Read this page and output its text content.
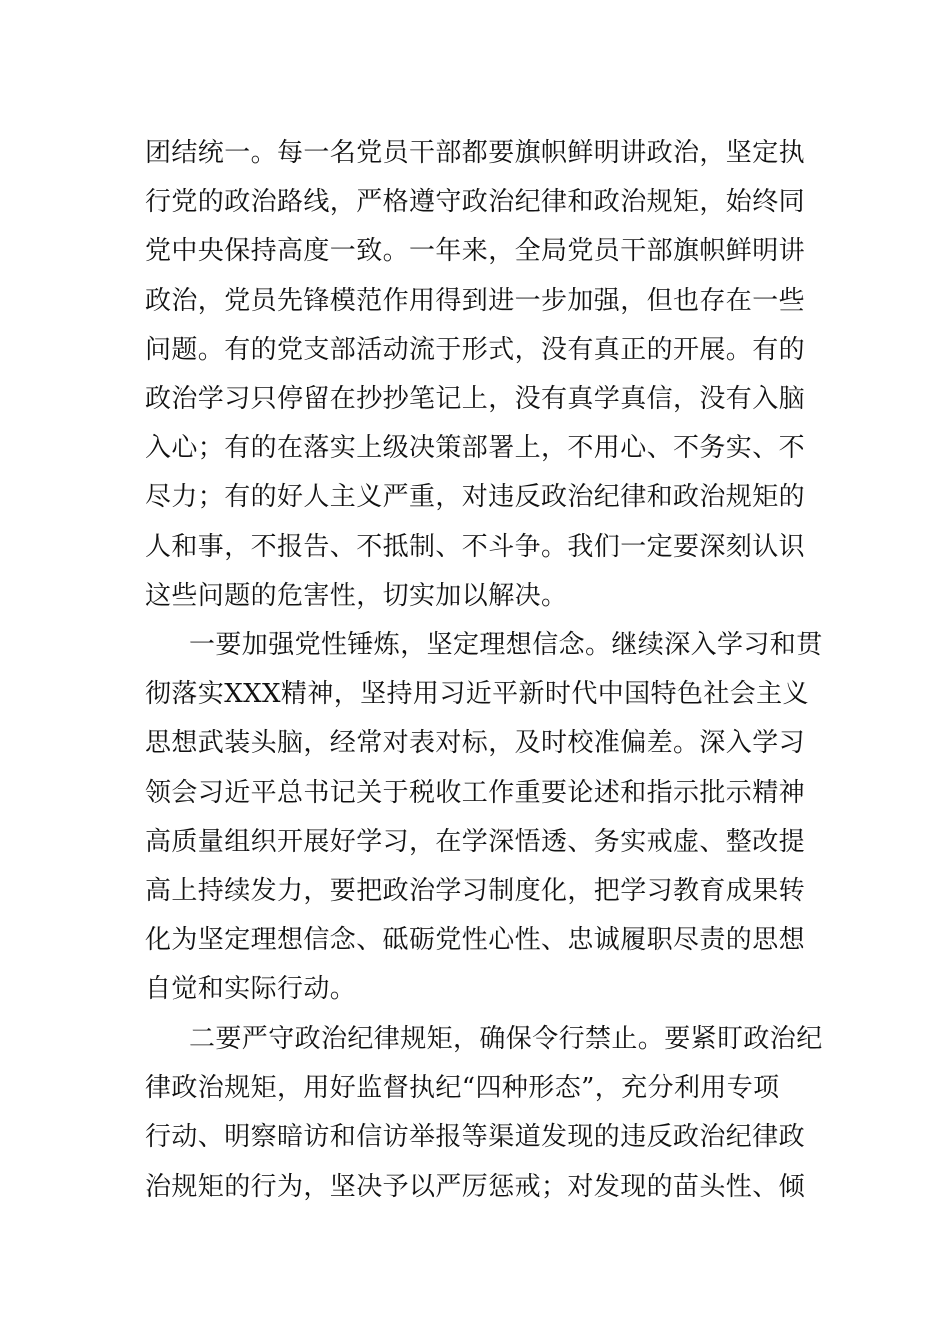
团结统一。每一名党员干部都要旗帜鲜明讲政治，坚定执
行党的政治路线，严格遵守政治纪律和政治规矩，始终同
党中央保持高度一致。一年来，全局党员干部旗帜鲜明讲
政治，党员先锋模范作用得到进一步加强，但也存在一些
问题。有的党支部活动流于形式，没有真正的开展。有的
政治学习只停留在抄抄笔记上，没有真学真信，没有入脑
入心；有的在落实上级决策部署上，不用心、不务实、不
尽力；有的好人主义严重，对违反政治纪律和政治规矩的
人和事，不报告、不抵制、不斗争。我们一定要深刻认识
这些问题的危害性，切实加以解决。
一要加强党性锤炼，坚定理想信念。继续深入学习和贯
彻落实XXX精神，坚持用习近平新时代中国特色社会主义
思想武装头脑，经常对表对标，及时校准偏差。深入学习
领会习近平总书记关于税收工作重要论述和指示批示精神
高质量组织开展好学习，在学深悟透、务实戒虚、整改提
高上持续发力，要把政治学习制度化，把学习教育成果转
化为坚定理想信念、砥砺党性心性、忠诚履职尽责的思想
自觉和实际行动。
二要严守政治纪律规矩，确保令行禁止。要紧盯政治纪
律政治规矩，用好监督执纪“四种形态”，充分利用专项
行动、明察暗访和信访举报等渠道发现的违反政治纪律政
治规矩的行为，坚决予以严厉惩戒；对发现的苗头性、倾
